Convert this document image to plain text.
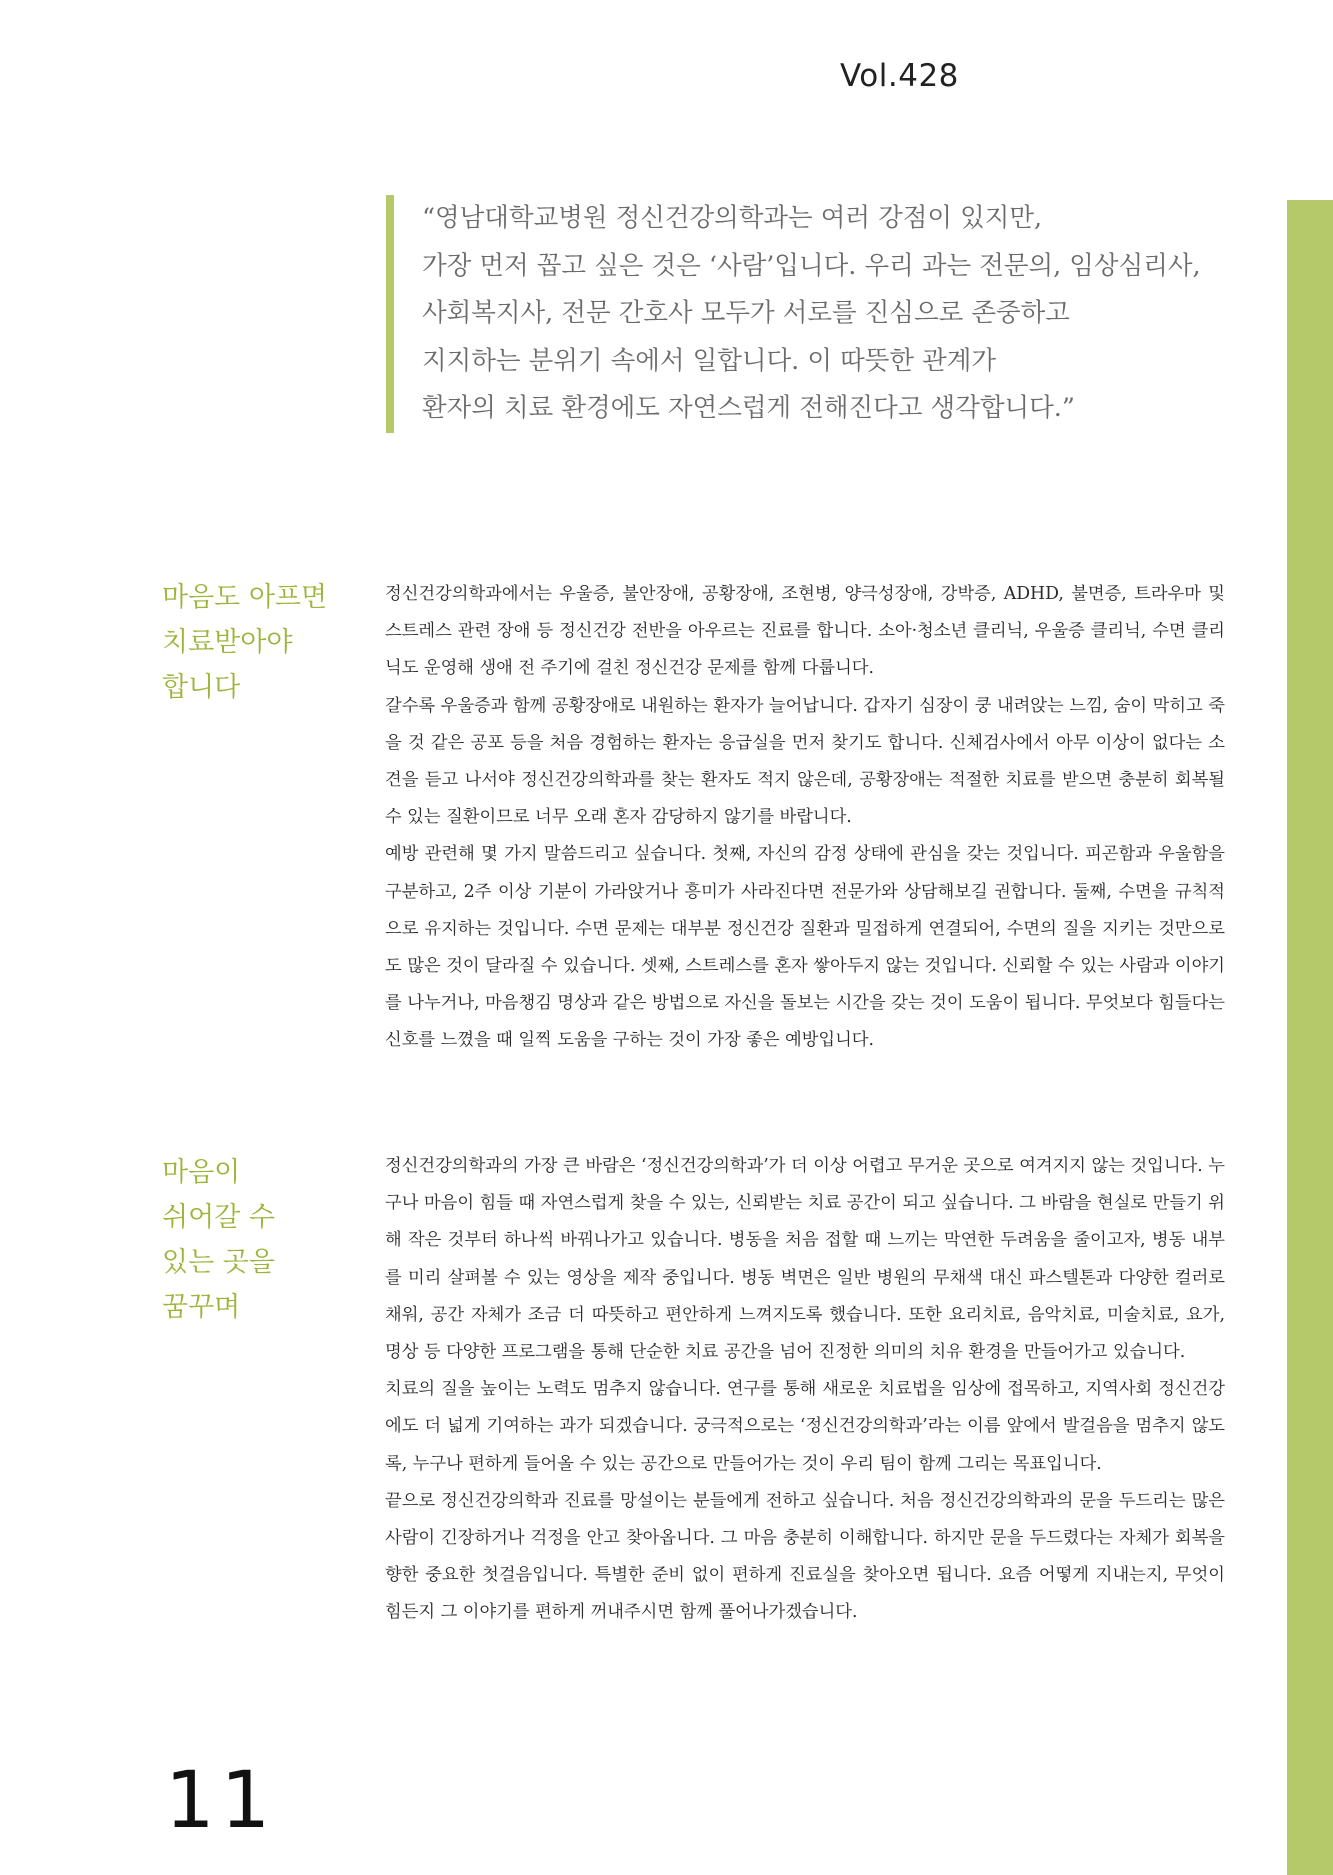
Vol.428
“영남대학교병원 정신건강의학과는 여러 강점이 있지만,
가장 먼저 꼽고 싶은 것은 ‘사람’입니다. 우리 과는 전문의, 임상심리사,
사회복지사, 전문 간호사 모두가 서로를 진심으로 존중하고
지지하는 분위기 속에서 일합니다. 이 따뜻한 관계가
환자의 치료 환경에도 자연스럽게 전해진다고 생각합니다.”
마음도 아프면
치료받아야
합니다

정신건강의학과에서는 우울증, 불안장애, 공황장애, 조현병, 양극성장애, 강박증, ADHD, 불면증, 트라우마 및 스트레스 관련 장애 등 정신건강 전반을 아우르는 진료를 합니다. 소아·청소년 클리닉, 우울증 클리닉, 수면 클리닉도 운영해 생애 전 주기에 걸친 정신건강 문제를 함께 다룹니다.

갈수록 우울증과 함께 공황장애로 내원하는 환자가 늘어납니다. 갑자기 심장이 쿵 내려앉는 느낌, 숨이 막히고 죽을 것 같은 공포 등을 처음 경험하는 환자는 응급실을 먼저 찾기도 합니다. 신체검사에서 아무 이상이 없다는 소견을 듣고 나서야 정신건강의학과를 찾는 환자도 적지 않은데, 공황장애는 적절한 치료를 받으면 충분히 회복될 수 있는 질환이므로 너무 오래 혼자 감당하지 않기를 바랍니다.

예방 관련해 몇 가지 말씀드리고 싶습니다. 첫째, 자신의 감정 상태에 관심을 갖는 것입니다. 피곤함과 우울함을 구분하고, 2주 이상 기분이 가라앉거나 흥미가 사라진다면 전문가와 상담해보길 권합니다. 둘째, 수면을 규칙적으로 유지하는 것입니다. 수면 문제는 대부분 정신건강 질환과 밀접하게 연결되어, 수면의 질을 지키는 것만으로도 많은 것이 달라질 수 있습니다. 셋째, 스트레스를 혼자 쌓아두지 않는 것입니다. 신뢰할 수 있는 사람과 이야기를 나누거나, 마음챙김 명상과 같은 방법으로 자신을 돌보는 시간을 갖는 것이 도움이 됩니다. 무엇보다 힘들다는 신호를 느꼈을 때 일찍 도움을 구하는 것이 가장 좋은 예방입니다.

마음이
쉬어갈 수
있는 곳을
꿈꾸며

정신건강의학과의 가장 큰 바람은 ‘정신건강의학과’가 더 이상 어렵고 무거운 곳으로 여겨지지 않는 것입니다. 누구나 마음이 힘들 때 자연스럽게 찾을 수 있는, 신뢰받는 치료 공간이 되고 싶습니다. 그 바람을 현실로 만들기 위해 작은 것부터 하나씩 바꿔나가고 있습니다. 병동을 처음 접할 때 느끼는 막연한 두려움을 줄이고자, 병동 내부를 미리 살펴볼 수 있는 영상을 제작 중입니다. 병동 벽면은 일반 병원의 무채색 대신 파스텔톤과 다양한 컬러로 채워, 공간 자체가 조금 더 따뜻하고 편안하게 느껴지도록 했습니다. 또한 요리치료, 음악치료, 미술치료, 요가, 명상 등 다양한 프로그램을 통해 단순한 치료 공간을 넘어 진정한 의미의 치유 환경을 만들어가고 있습니다.

치료의 질을 높이는 노력도 멈추지 않습니다. 연구를 통해 새로운 치료법을 임상에 접목하고, 지역사회 정신건강에도 더 넓게 기여하는 과가 되겠습니다. 궁극적으로는 ‘정신건강의학과’라는 이름 앞에서 발걸음을 멈추지 않도록, 누구나 편하게 들어올 수 있는 공간으로 만들어가는 것이 우리 팀이 함께 그리는 목표입니다.

끝으로 정신건강의학과 진료를 망설이는 분들에게 전하고 싶습니다. 처음 정신건강의학과의 문을 두드리는 많은 사람이 긴장하거나 걱정을 안고 찾아옵니다. 그 마음 충분히 이해합니다. 하지만 문을 두드렸다는 자체가 회복을 향한 중요한 첫걸음입니다. 특별한 준비 없이 편하게 진료실을 찾아오면 됩니다. 요즘 어떻게 지내는지, 무엇이 힘든지 그 이야기를 편하게 꺼내주시면 함께 풀어나가겠습니다.

11
